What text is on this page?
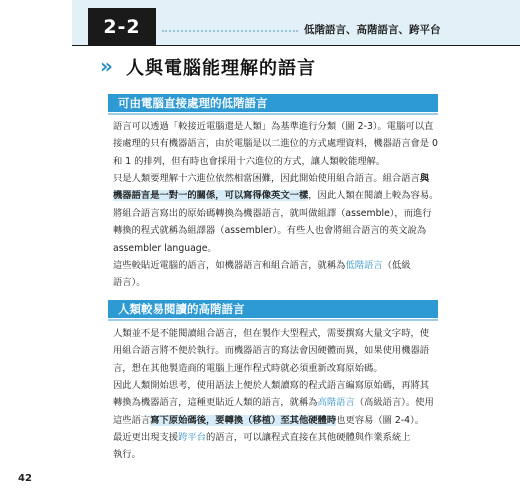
2-2	低階語言、高階語言、跨平台
» 人與電腦能理解的語言
可由電腦直接處理的低階語言
語言可以透過「較接近電腦還是人類」為基準進行分類（圖 2-3）。電腦可以直
接處理的只有機器語言，由於電腦是以二進位的方式處理資料，機器語言會是 0
和 1 的排列，但有時也會採用十六進位的方式，讓人類較能理解。
只是人類要理解十六進位依然相當困難，因此開始使用組合語言。組合語言與
機器語言是一對一的關係，可以寫得像英文一樣，因此人類在閱讀上較為容易。
將組合語言寫出的原始碼轉換為機器語言，就叫做組譯（assemble），而進行
轉換的程式就稱為組譯器（assembler）。有些人也會將組合語言的英文說為
assembler language。
這些較貼近電腦的語言，如機器語言和組合語言，就稱為低階語言（低級
語言）。
人類較易閱讀的高階語言
人類並不是不能閱讀組合語言，但在製作大型程式，需要撰寫大量文字時，使
用組合語言將不便於執行。而機器語言的寫法會因硬體而異，如果使用機器語
言，想在其他製造商的電腦上運作程式時就必須重新改寫原始碼。
因此人類開始思考，使用語法上便於人類讀寫的程式語言編寫原始碼，再將其
轉換為機器語言，這種更貼近人類的語言，就稱為高階語言（高級語言）。使用
這些語言寫下原始碼後，要轉換（移植）至其他硬體時也更容易（圖 2-4）。
最近更出現支援跨平台的語言，可以讓程式直接在其他硬體與作業系統上
執行。
42
